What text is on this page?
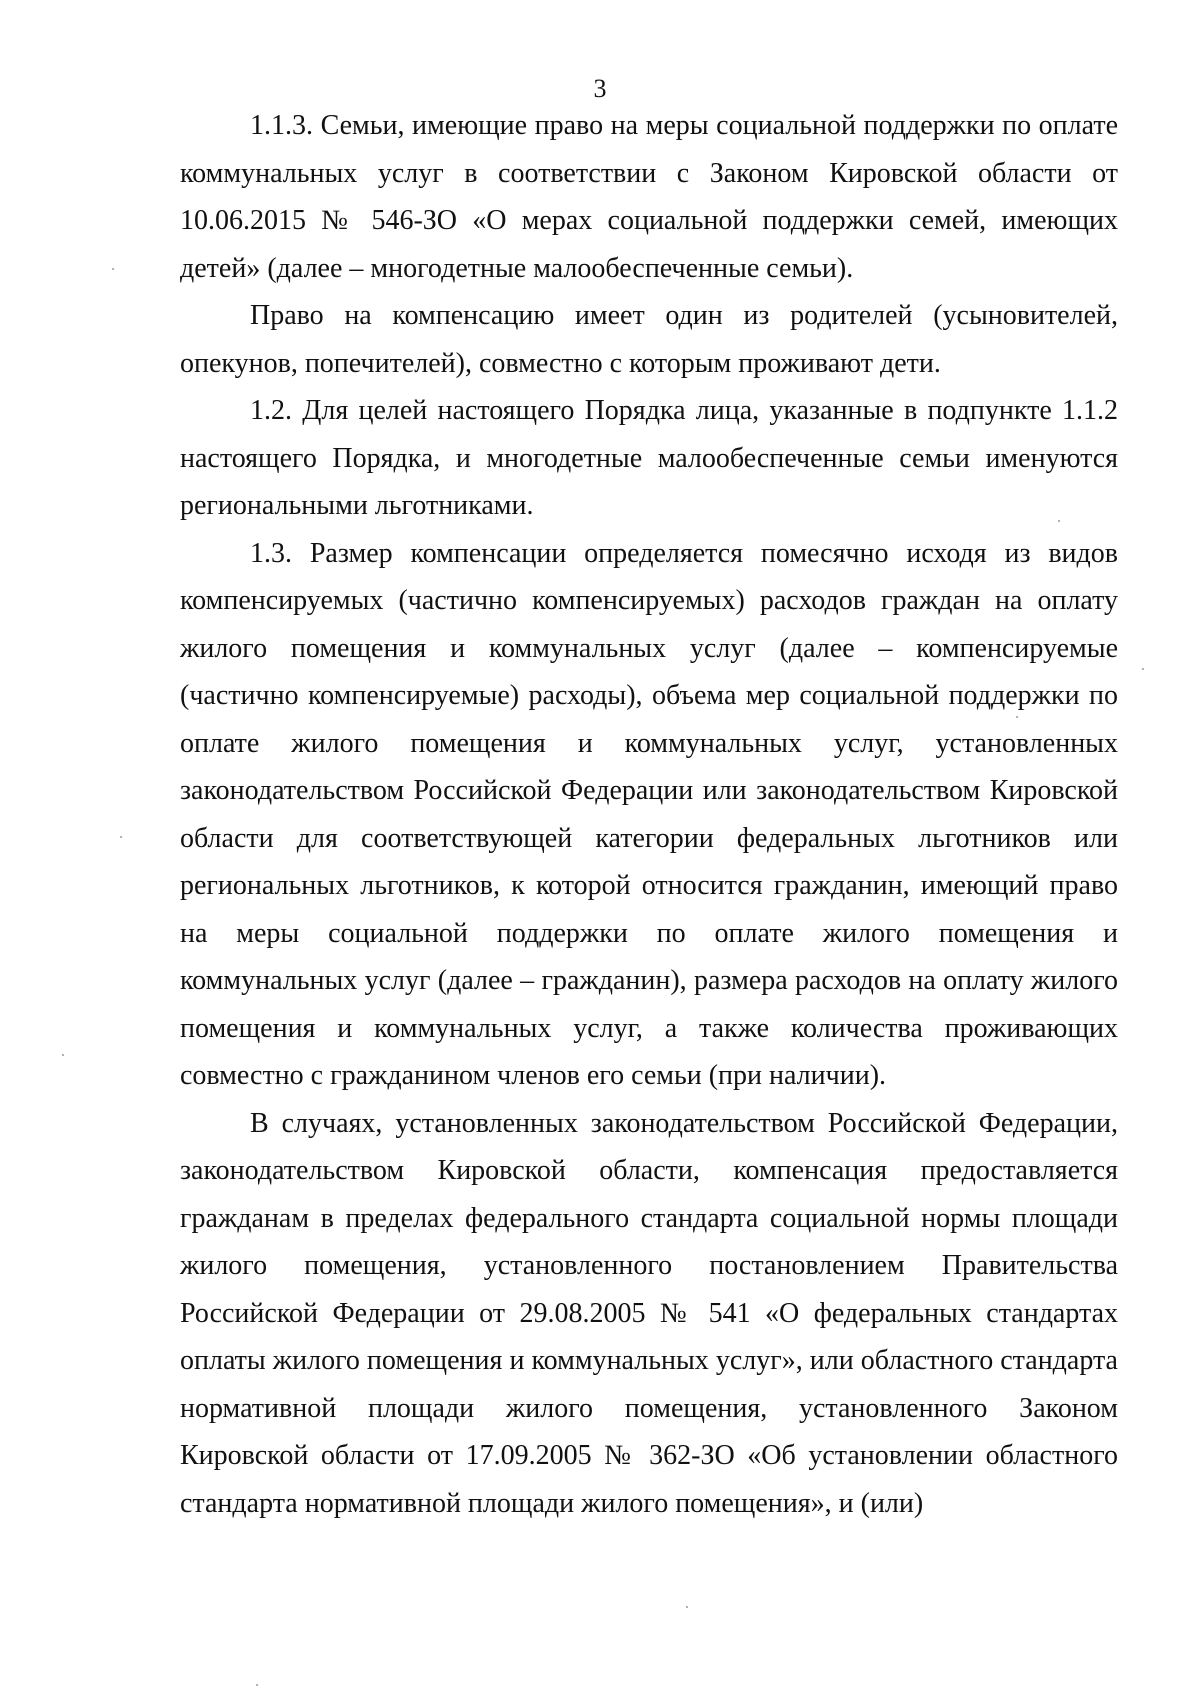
3

1.1.3. Семьи, имеющие право на меры социальной поддержки по оплате коммунальных услуг в соответствии с Законом Кировской области от 10.06.2015 № 546-ЗО «О мерах социальной поддержки семей, имеющих детей» (далее – многодетные малообеспеченные семьи).

Право на компенсацию имеет один из родителей (усыновителей, опекунов, попечителей), совместно с которым проживают дети.

1.2. Для целей настоящего Порядка лица, указанные в подпункте 1.1.2 настоящего Порядка, и многодетные малообеспеченные семьи именуются региональными льготниками.

1.3. Размер компенсации определяется помесячно исходя из видов компенсируемых (частично компенсируемых) расходов граждан на оплату жилого помещения и коммунальных услуг (далее – компенсируемые (частично компенсируемые) расходы), объема мер социальной поддержки по оплате жилого помещения и коммунальных услуг, установленных законодательством Российской Федерации или законодательством Кировской области для соответствующей категории федеральных льготников или региональных льготников, к которой относится гражданин, имеющий право на меры социальной поддержки по оплате жилого помещения и коммунальных услуг (далее – гражданин), размера расходов на оплату жилого помещения и коммунальных услуг, а также количества проживающих совместно с гражданином членов его семьи (при наличии).

В случаях, установленных законодательством Российской Федерации, законодательством Кировской области, компенсация предоставляется гражданам в пределах федерального стандарта социальной нормы площади жилого помещения, установленного постановлением Правительства Российской Федерации от 29.08.2005 № 541 «О федеральных стандартах оплаты жилого помещения и коммунальных услуг», или областного стандарта нормативной площади жилого помещения, установленного Законом Кировской области от 17.09.2005 № 362-ЗО «Об установлении областного стандарта нормативной площади жилого помещения», и (или)
